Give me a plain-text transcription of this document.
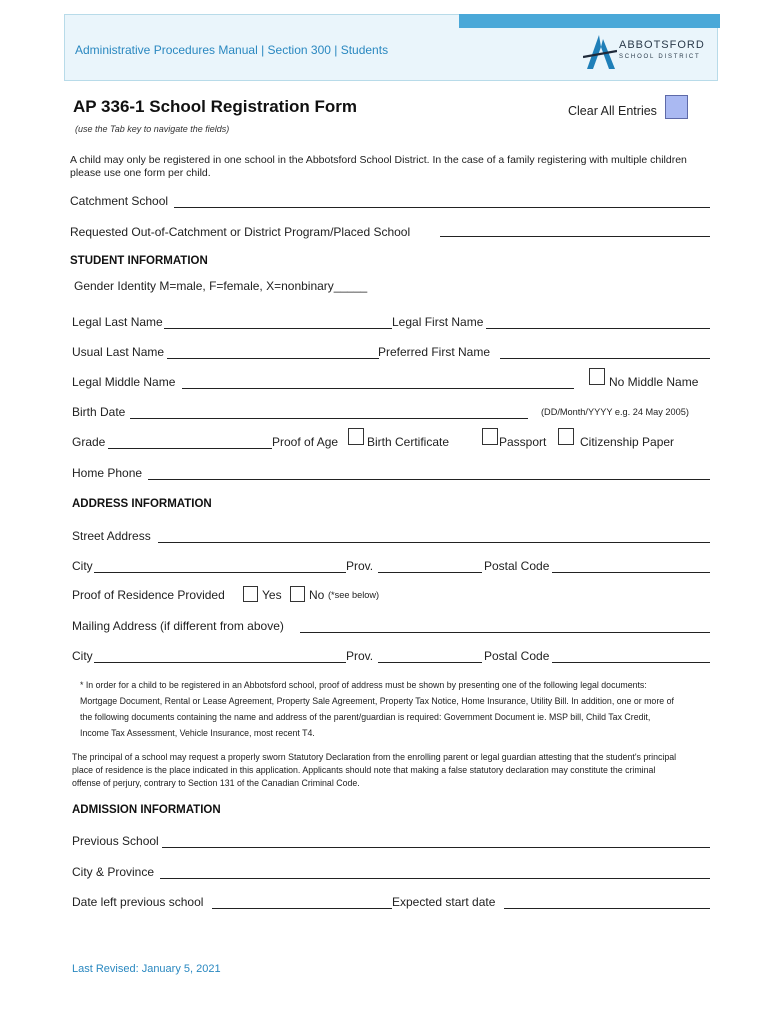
Administrative Procedures Manual | Section 300 | Students	ABBOTSFORD
SCHOOL DISTRICT
AP 336-1 School Registration Form	Clear All Entries
(use the Tab key to navigate the fields)
A child may only be registered in one school in the Abbotsford School District. In the case of a family registering with multiple children please use one form per child.
Catchment School
Requested Out-of-Catchment or District Program/Placed School
STUDENT INFORMATION
Gender Identity M=male, F=female, X=nonbinary_____
Legal Last Name	Legal First Name
Usual Last Name	Preferred First Name
Legal Middle Name	No Middle Name
Birth Date	(DD/Month/YYYY e.g. 24 May 2005)
Grade	Proof of Age Birth Certificate	Passport	Citizenship Paper
Home Phone
ADDRESS INFORMATION
Street Address
City	Prov.	Postal Code
Proof of Residence Provided	Yes No (*see below)
Mailing Address (if different from above)
City	Prov.	Postal Code
* In order for a child to be registered in an Abbotsford school, proof of address must be shown by presenting one of the following legal documents:
Mortgage Document, Rental or Lease Agreement, Property Sale Agreement, Property Tax Notice, Home Insurance, Utility Bill. In addition, one or more of
the following documents containing the name and address of the parent/guardian is required: Government Document ie. MSP bill, Child Tax Credit,
Income Tax Assessment, Vehicle Insurance, most recent T4.
The principal of a school may request a properly sworn Statutory Declaration from the enrolling parent or legal guardian attesting that the student's principal
place of residence is the place indicated in this application. Applicants should note that making a false statutory declaration may constitute the criminal
offense of perjury, contrary to Section 131 of the Canadian Criminal Code.
ADMISSION INFORMATION
Previous School
City & Province
Date left previous school	Expected start date
Last Revised: January 5, 2021
